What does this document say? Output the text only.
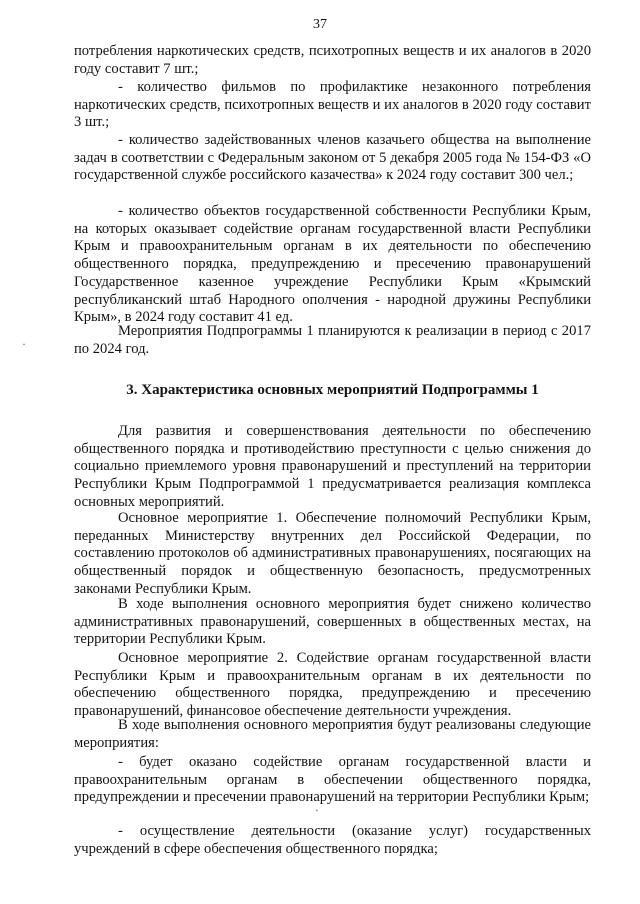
37

потребления наркотических средств, психотропных веществ и их аналогов в 2020 году составит 7 шт.;

- количество фильмов по профилактике незаконного потребления наркотических средств, психотропных веществ и их аналогов в 2020 году составит 3 шт.;

- количество задействованных членов казачьего общества на выполнение задач в соответствии с Федеральным законом от 5 декабря 2005 года № 154-ФЗ «О государственной службе российского казачества» к 2024 году составит 300 чел.;

- количество объектов государственной собственности Республики Крым, на которых оказывает содействие органам государственной власти Республики Крым и правоохранительным органам в их деятельности по обеспечению общественного порядка, предупреждению и пресечению правонарушений Государственное казенное учреждение Республики Крым «Крымский республиканский штаб Народного ополчения - народной дружины Республики Крым», в 2024 году составит 41 ед.

Мероприятия Подпрограммы 1 планируются к реализации в период с 2017 по 2024 год.

3. Характеристика основных мероприятий Подпрограммы 1

Для развития и совершенствования деятельности по обеспечению общественного порядка и противодействию преступности с целью снижения до социально приемлемого уровня правонарушений и преступлений на территории Республики Крым Подпрограммой 1 предусматривается реализация комплекса основных мероприятий.

Основное мероприятие 1. Обеспечение полномочий Республики Крым, переданных Министерству внутренних дел Российской Федерации, по составлению протоколов об административных правонарушениях, посягающих на общественный порядок и общественную безопасность, предусмотренных законами Республики Крым.

В ходе выполнения основного мероприятия будет снижено количество административных правонарушений, совершенных в общественных местах, на территории Республики Крым.

Основное мероприятие 2. Содействие органам государственной власти Республики Крым и правоохранительным органам в их деятельности по обеспечению общественного порядка, предупреждению и пресечению правонарушений, финансовое обеспечение деятельности учреждения.

В ходе выполнения основного мероприятия будут реализованы следующие мероприятия:

- будет оказано содействие органам государственной власти и правоохранительным органам в обеспечении общественного порядка, предупреждении и пресечении правонарушений на территории Республики Крым;

- осуществление деятельности (оказание услуг) государственных учреждений в сфере обеспечения общественного порядка;

·
`
